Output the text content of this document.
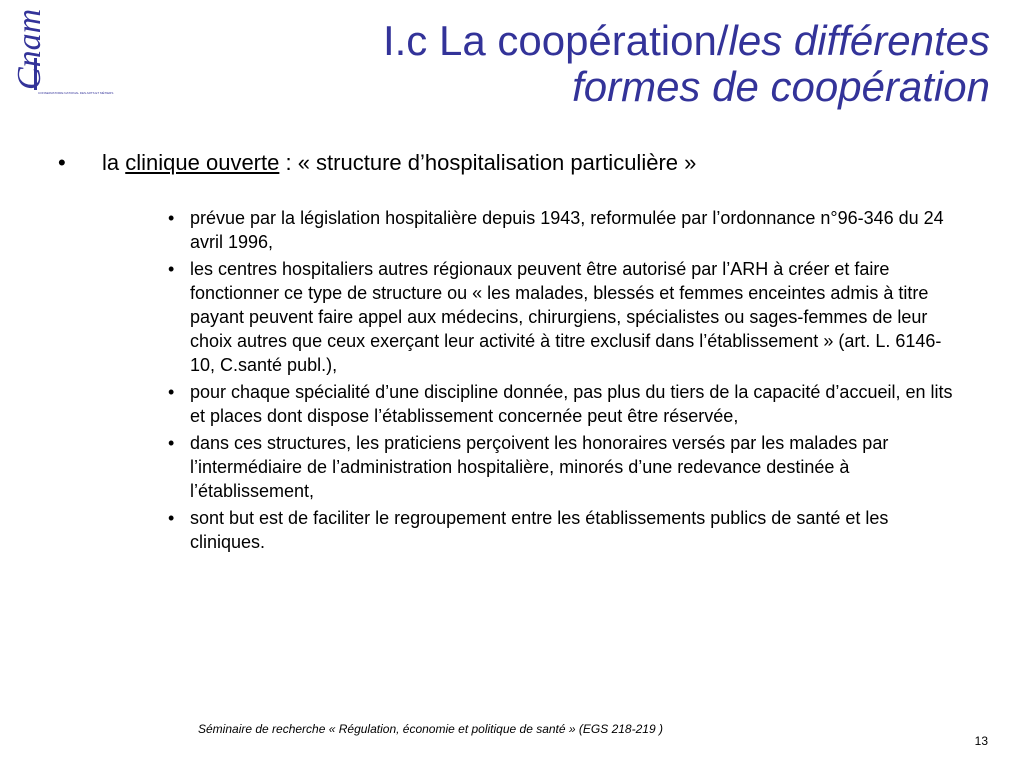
Cnam
CONSERVATOIRE NATIONAL DES ARTS ET MÉTIERS
I.c La coopération/les différentes
formes de coopération
• la clinique ouverte : « structure d’hospitalisation particulière »
• prévue par la législation hospitalière depuis 1943, reformulée par l’ordonnance n°96-346 du 24 avril 1996,
• les centres hospitaliers autres régionaux peuvent être autorisé par l’ARH à créer et faire fonctionner ce type de structure ou « les malades, blessés et femmes enceintes admis à titre payant peuvent faire appel aux médecins, chirurgiens, spécialistes ou sages-femmes de leur choix autres que ceux exerçant leur activité à titre exclusif dans l’établissement » (art. L. 6146-10, C.santé publ.),
• pour chaque spécialité d’une discipline donnée, pas plus du tiers de la capacité d’accueil, en lits et places dont dispose l’établissement concernée peut être réservée,
• dans ces structures, les praticiens perçoivent les honoraires versés par les malades par l’intermédiaire de l’administration hospitalière, minorés d’une redevance destinée à l’établissement,
• sont but est de faciliter le regroupement entre les établissements publics de santé et les cliniques.
Séminaire de recherche « Régulation, économie et politique de santé » (EGS 218-219 )
13
